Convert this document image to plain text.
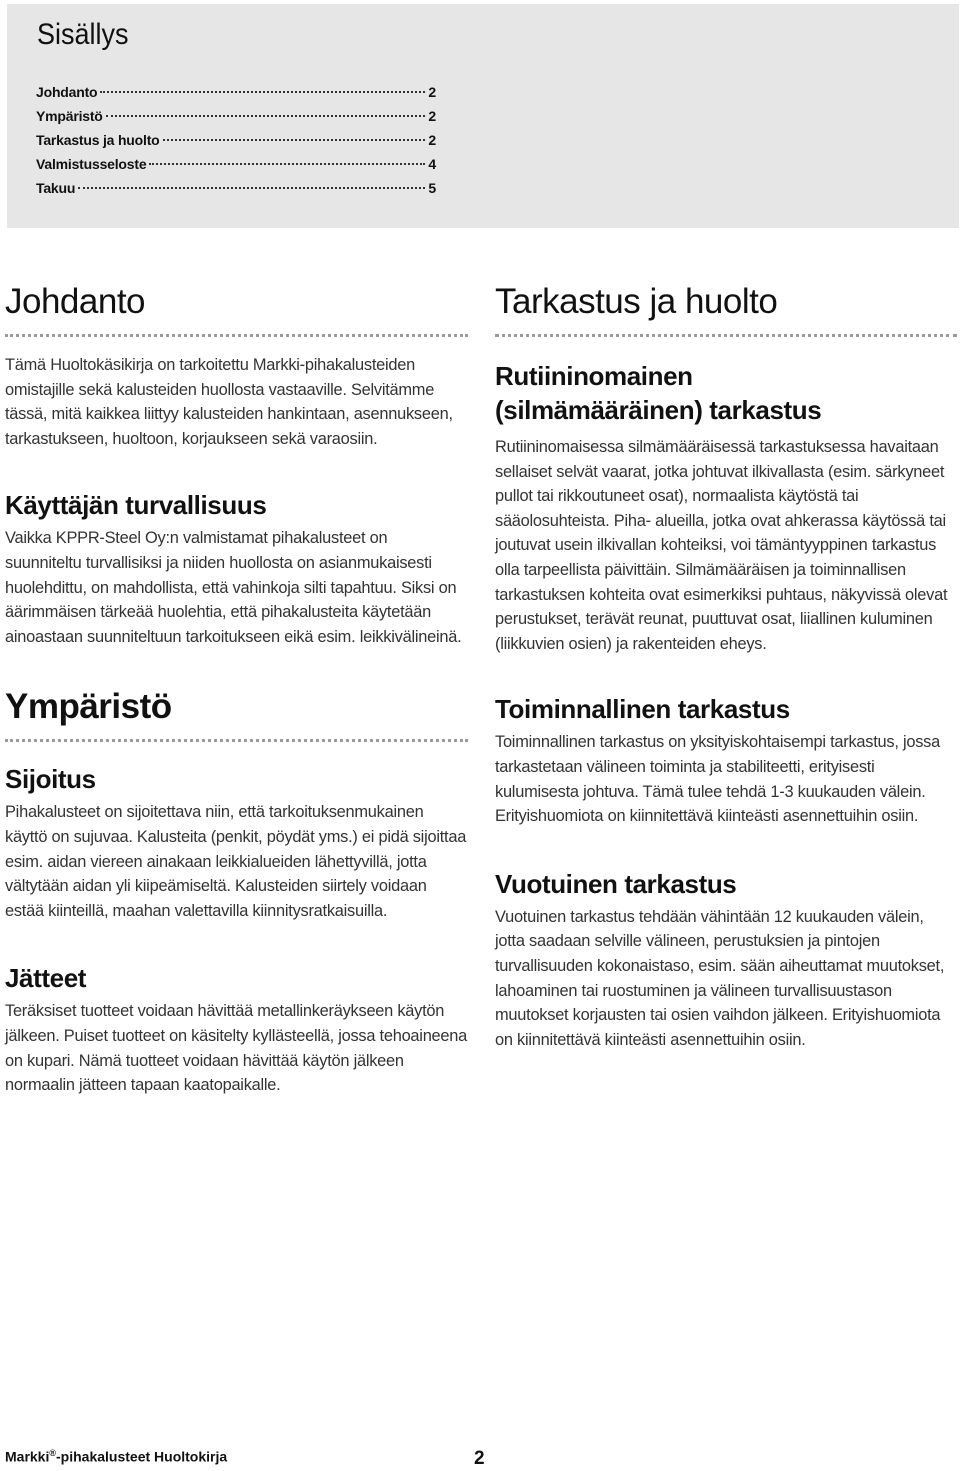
Sisällys
Johdanto	2
Ympäristö	2
Tarkastus ja huolto	2
Valmistusseloste	4
Takuu	5
Johdanto

Tämä Huoltokäsikirja on tarkoitettu Markki-pihakalusteiden omistajille sekä kalusteiden huollosta vastaaville. Selvitämme tässä, mitä kaikkea liittyy kalusteiden hankintaan, asennukseen, tarkastukseen, huoltoon, korjaukseen sekä varaosiin.

Käyttäjän turvallisuus

Vaikka KPPR-Steel Oy:n valmistamat pihakalusteet on suunniteltu turvallisiksi ja niiden huollosta on asianmukaisesti huolehdittu, on mahdollista, että vahinkoja silti tapahtuu. Siksi on äärimmäisen tärkeää huolehtia, että pihakalusteita käytetään ainoastaan suunniteltuun tarkoitukseen eikä esim. leikkivälineinä.

Ympäristö
Sijoitus

Pihakalusteet on sijoitettava niin, että tarkoituksenmukainen käyttö on sujuvaa. Kalusteita (penkit, pöydät yms.) ei pidä sijoittaa esim. aidan viereen ainakaan leikkialueiden lähettyvillä, jotta vältytään aidan yli kiipeämiseltä. Kalusteiden siirtely voidaan estää kiinteillä, maahan valettavilla kiinnitysratkaisuilla.

Jätteet

Teräksiset tuotteet voidaan hävittää metallinkeräykseen käytön jälkeen. Puiset tuotteet on käsitelty kyllästeellä, jossa tehoaineena on kupari. Nämä tuotteet voidaan hävittää käytön jälkeen normaalin jätteen tapaan kaatopaikalle.

Tarkastus ja huolto
Rutiininomainen
(silmämääräinen) tarkastus

Rutiininomaisessa silmämääräisessä tarkastuksessa havaitaan sellaiset selvät vaarat, jotka johtuvat ilkivallasta (esim. särkyneet pullot tai rikkoutuneet osat), normaalista käytöstä tai sääolosuhteista. Piha- alueilla, jotka ovat ahkerassa käytössä tai joutuvat usein ilkivallan kohteiksi, voi tämäntyyppinen tarkastus olla tarpeellista päivittäin. Silmämääräisen ja toiminnallisen tarkastuksen kohteita ovat esimerkiksi puhtaus, näkyvissä olevat perustukset, terävät reunat, puuttuvat osat, liiallinen kuluminen (liikkuvien osien) ja rakenteiden eheys.

Toiminnallinen tarkastus

Toiminnallinen tarkastus on yksityiskohtaisempi tarkastus, jossa tarkastetaan välineen toiminta ja stabiliteetti, erityisesti kulumisesta johtuva. Tämä tulee tehdä 1-3 kuukauden välein. Erityishuomiota on kiinnitettävä kiinteästi asennettuihin osiin.

Vuotuinen tarkastus

Vuotuinen tarkastus tehdään vähintään 12 kuukauden välein, jotta saadaan selville välineen, perustuksien ja pintojen turvallisuuden kokonaistaso, esim. sään aiheuttamat muutokset, lahoaminen tai ruostuminen ja välineen turvallisuustason muutokset korjausten tai osien vaihdon jälkeen. Erityishuomiota on kiinnitettävä kiinteästi asennettuihin osiin.

Markki®-pihakalusteet Huoltokirja	2
